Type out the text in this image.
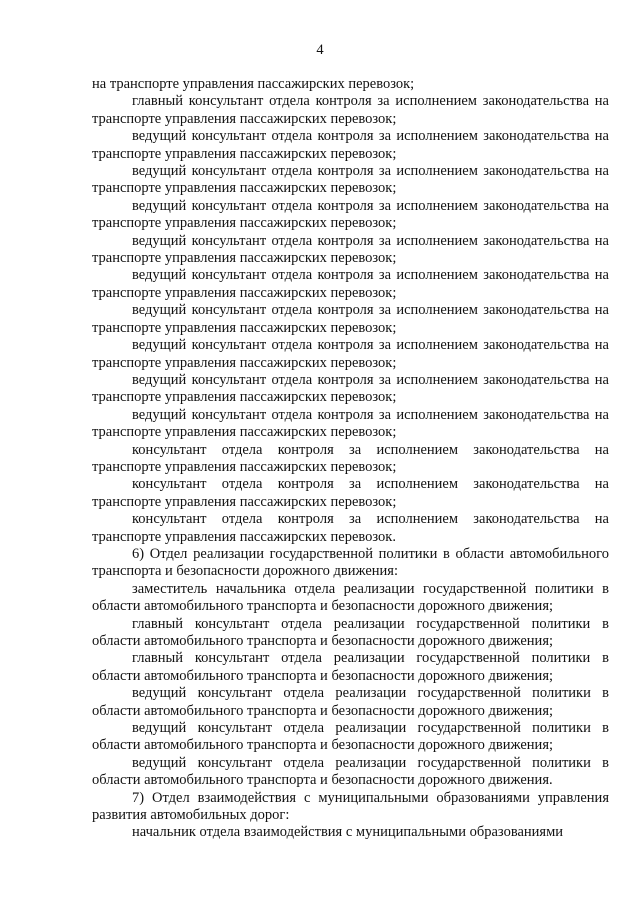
4

на транспорте управления пассажирских перевозок;

главный консультант отдела контроля за исполнением законодательства на транспорте управления пассажирских перевозок;

ведущий консультант отдела контроля за исполнением законодательства на транспорте управления пассажирских перевозок;

ведущий консультант отдела контроля за исполнением законодательства на транспорте управления пассажирских перевозок;

ведущий консультант отдела контроля за исполнением законодательства на транспорте управления пассажирских перевозок;

ведущий консультант отдела контроля за исполнением законодательства на транспорте управления пассажирских перевозок;

ведущий консультант отдела контроля за исполнением законодательства на транспорте управления пассажирских перевозок;

ведущий консультант отдела контроля за исполнением законодательства на транспорте управления пассажирских перевозок;

ведущий консультант отдела контроля за исполнением законодательства на транспорте управления пассажирских перевозок;

ведущий консультант отдела контроля за исполнением законодательства на транспорте управления пассажирских перевозок;

ведущий консультант отдела контроля за исполнением законодательства на транспорте управления пассажирских перевозок;

консультант отдела контроля за исполнением законодательства на транспорте управления пассажирских перевозок;

консультант отдела контроля за исполнением законодательства на транспорте управления пассажирских перевозок;

консультант отдела контроля за исполнением законодательства на транспорте управления пассажирских перевозок.

6) Отдел реализации государственной политики в области автомобильного транспорта и безопасности дорожного движения:

заместитель начальника отдела реализации государственной политики в области автомобильного транспорта и безопасности дорожного движения;

главный консультант отдела реализации государственной политики в области автомобильного транспорта и безопасности дорожного движения;

главный консультант отдела реализации государственной политики в области автомобильного транспорта и безопасности дорожного движения;

ведущий консультант отдела реализации государственной политики в области автомобильного транспорта и безопасности дорожного движения;

ведущий консультант отдела реализации государственной политики в области автомобильного транспорта и безопасности дорожного движения;

ведущий консультант отдела реализации государственной политики в области автомобильного транспорта и безопасности дорожного движения.

7) Отдел взаимодействия с муниципальными образованиями управления развития автомобильных дорог:

начальник отдела взаимодействия с муниципальными образованиями
